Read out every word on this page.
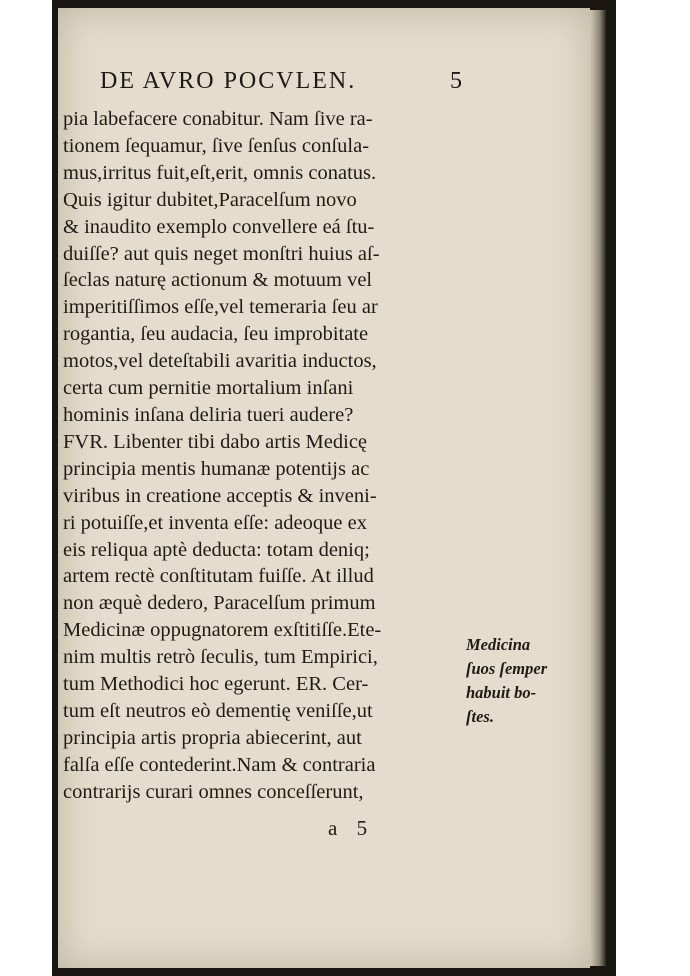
DE AVRO POCVLEN.	5
pia labefacere conabitur. Nam ſive ra-
tionem ſequamur, ſive ſenſus conſula-
mus,irritus fuit,eſt,erit, omnis conatus.
Quis igitur dubitet,Paracelſum novo
& inaudito exemplo convellere eá ſtu-
duiſſe? aut quis neget monſtri huius aſ-
ſeclas naturę actionum & motuum vel
imperitiſſimos eſſe,vel temeraria ſeu ar
rogantia, ſeu audacia, ſeu improbitate
motos,vel deteſtabili avaritia inductos,
certa cum pernitie mortalium inſani
hominis inſana deliria tueri audere?
FVR. Libenter tibi dabo artis Medicę
principia mentis humanæ potentijs ac
viribus in creatione acceptis & inveni-
ri potuiſſe,et inventa eſſe: adeoque ex
eis reliqua aptè deducta: totam deniq;
artem rectè conſtitutam fuiſſe. At illud
non æquè dedero, Paracelſum primum
Medicinæ oppugnatorem exſtitiſſe.Ete-
nim multis retrò ſeculis, tum Empirici,
tum Methodici hoc egerunt. ER. Cer-
tum eſt neutros eò dementię veniſſe,ut
principia artis propria abiecerint, aut
falſa eſſe contederint.Nam & contraria
contrarijs curari omnes conceſſerunt,
Medicina
ſuos ſemper
habuit bo-
ſtes.
a 5
